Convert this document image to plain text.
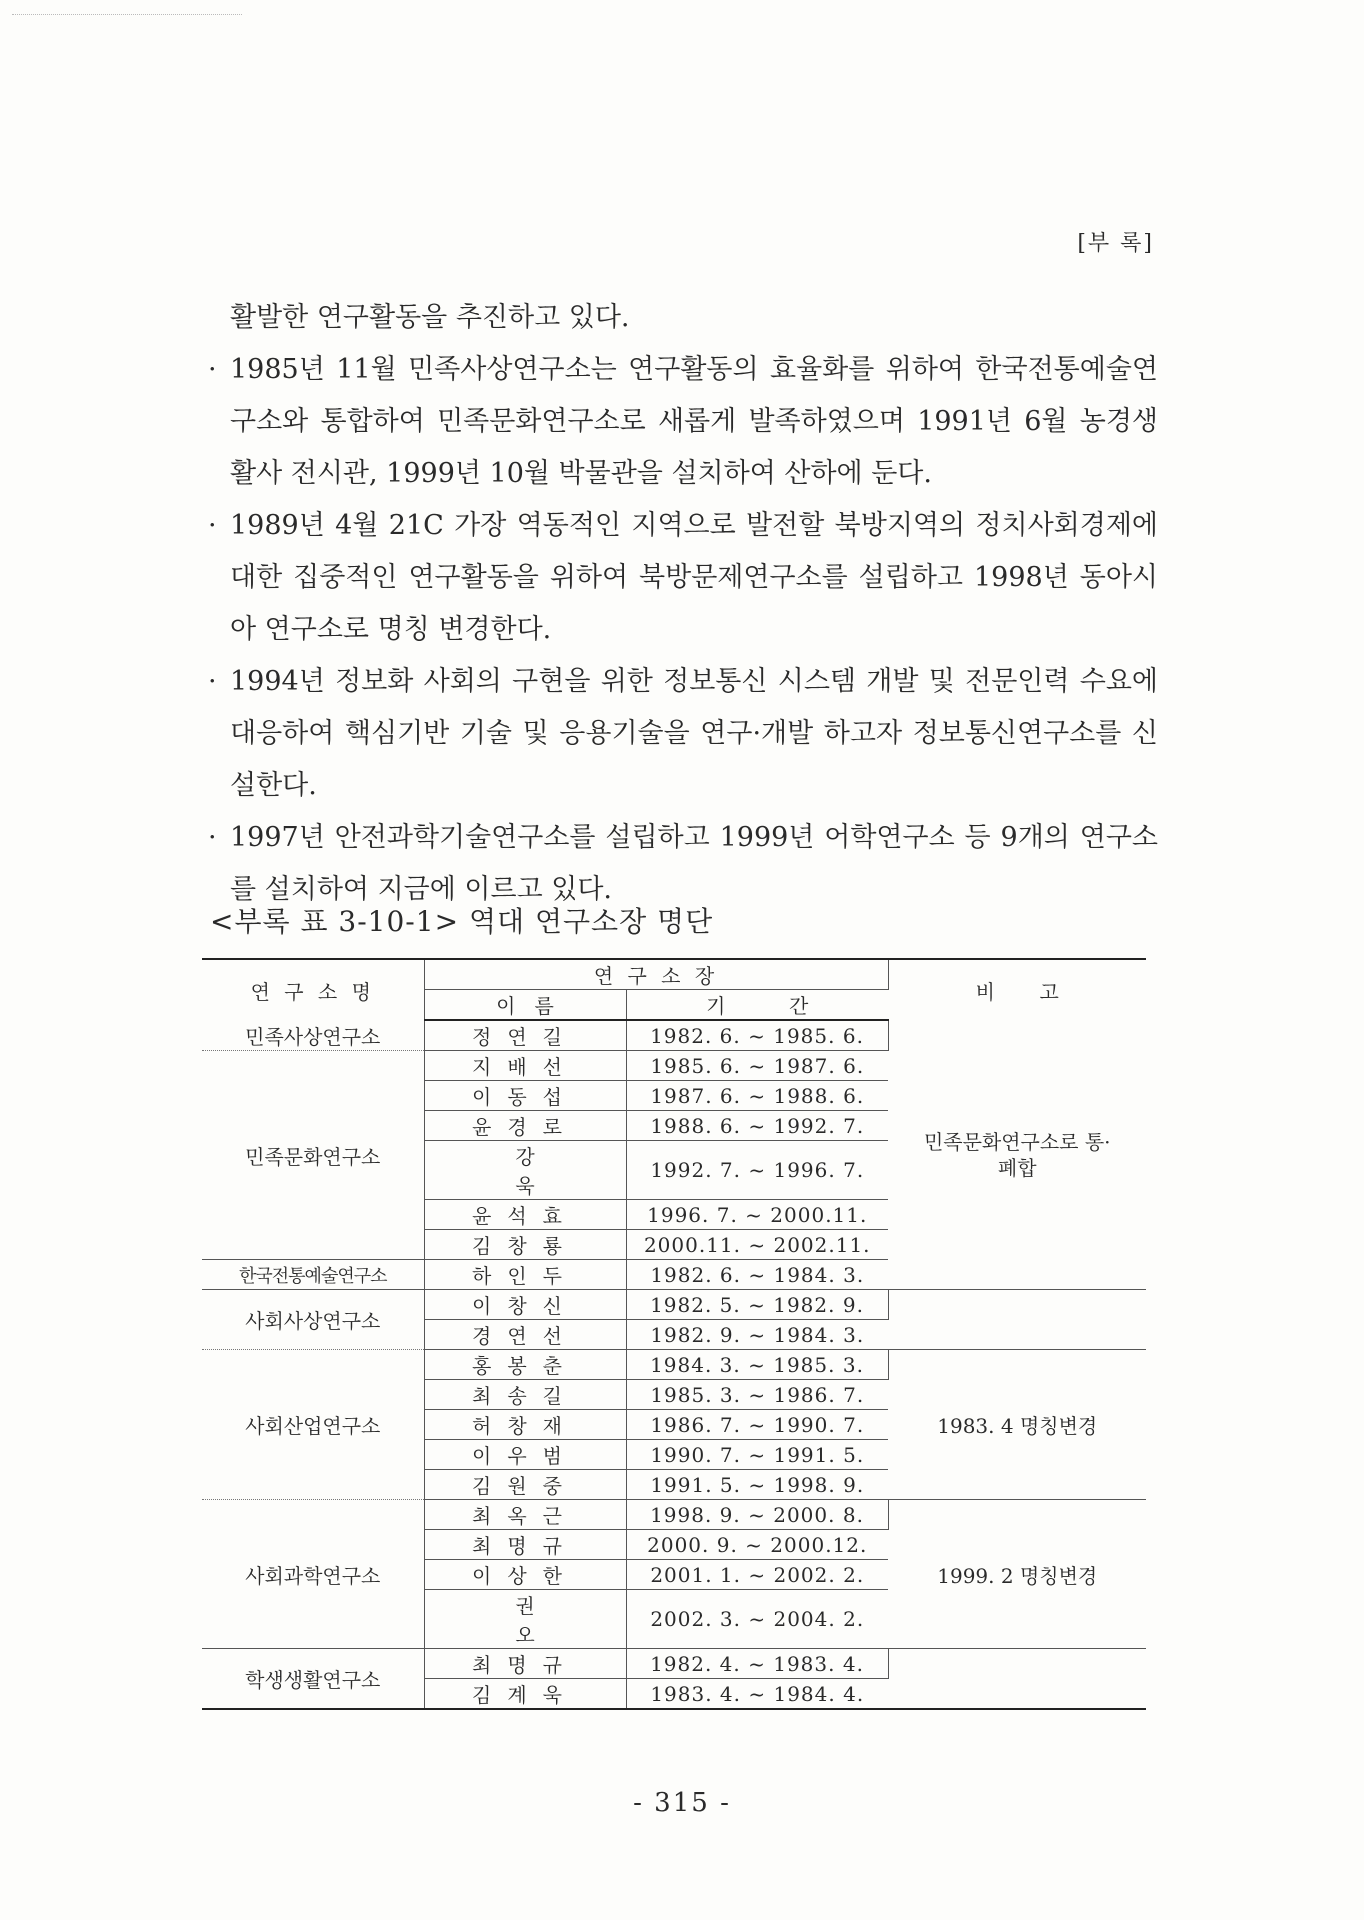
[부 록]

활발한 연구활동을 추진하고 있다.

· 1985년 11월 민족사상연구소는 연구활동의 효율화를 위하여 한국전통예술연구소와 통합하여 민족문화연구소로 새롭게 발족하였으며 1991년 6월 농경생활사 전시관, 1999년 10월 박물관을 설치하여 산하에 둔다.

· 1989년 4월 21C 가장 역동적인 지역으로 발전할 북방지역의 정치사회경제에 대한 집중적인 연구활동을 위하여 북방문제연구소를 설립하고 1998년 동아시아 연구소로 명칭 변경한다.

· 1994년 정보화 사회의 구현을 위한 정보통신 시스템 개발 및 전문인력 수요에 대응하여 핵심기반 기술 및 응용기술을 연구·개발 하고자 정보통신연구소를 신설한다.

· 1997년 안전과학기술연구소를 설립하고 1999년 어학연구소 등 9개의 연구소를 설치하여 지금에 이르고 있다.

<부록 표 3-10-1> 역대 연구소장 명단
연 구 소 명	연 구 소 장		비       고
	이   름	기          간	
민족사상연구소	정연길	1982. 6. ~ 1985. 6.	민족문화연구소로 통·폐합
민족문화연구소	지배선	1985. 6. ~ 1987. 6.	
	이동섭	1987. 6. ~ 1988. 6.	
	윤경로	1988. 6. ~ 1992. 7.	
	강 욱	1992. 7. ~ 1996. 7.	
	윤석효	1996. 7. ~ 2000.11.	
	김창룡	2000.11. ~ 2002.11.	
한국전통예술연구소	하인두	1982. 6. ~ 1984. 3.	
사회사상연구소	이창신	1982. 5. ~ 1982. 9.	
	경연선	1982. 9. ~ 1984. 3.	
사회산업연구소	홍봉춘	1984. 3. ~ 1985. 3.	1983. 4 명칭변경
	최송길	1985. 3. ~ 1986. 7.	
	허창재	1986. 7. ~ 1990. 7.	
	이우범	1990. 7. ~ 1991. 5.	
	김원중	1991. 5. ~ 1998. 9.	
사회과학연구소	최옥근	1998. 9. ~ 2000. 8.	1999. 2 명칭변경
	최명규	2000. 9. ~ 2000.12.	
	이상한	2001. 1. ~ 2002. 2.	
	권 오	2002. 3. ~ 2004. 2.	
학생생활연구소	최명규	1982. 4. ~ 1983. 4.	
	김계욱	1983. 4. ~ 1984. 4.	
- 315 -
